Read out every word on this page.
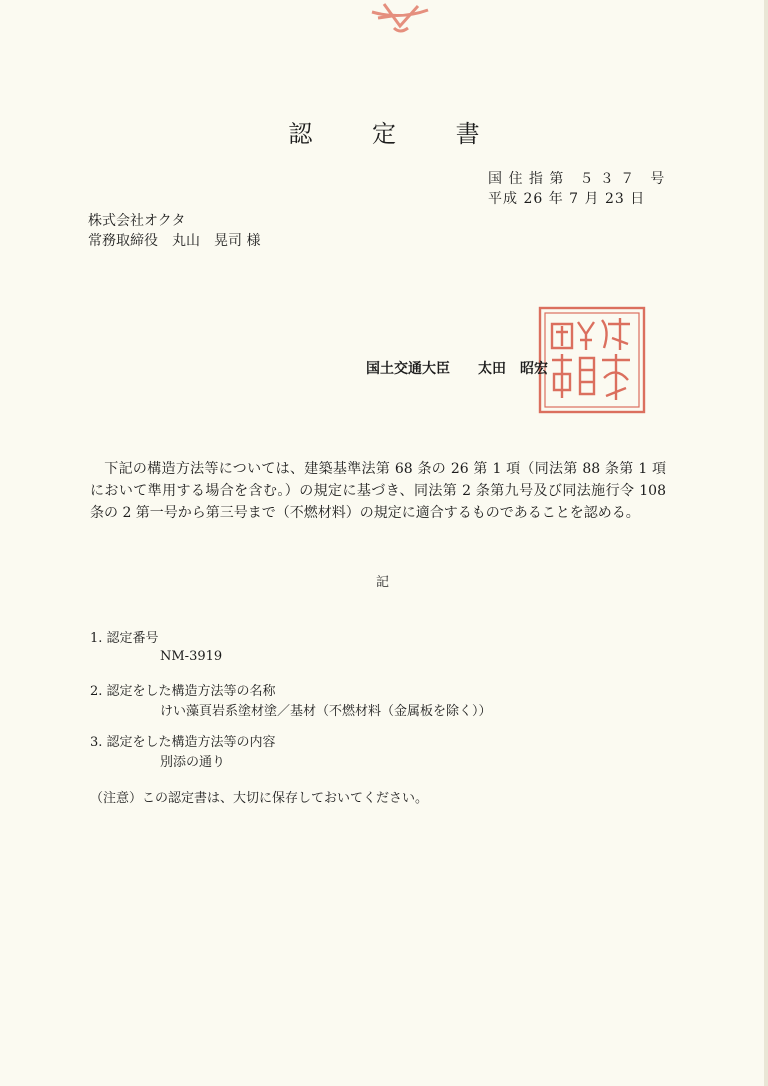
認 定 書
国 住 指 第　５ ３ ７　号
平成 26 年 7 月 23 日
株式会社オクタ
常務取締役　丸山　晃司 様
国土交通大臣　　太田　昭宏
　下記の構造方法等については、建築基準法第 68 条の 26 第 1 項（同法第 88 条第 1 項において準用する場合を含む。）の規定に基づき、同法第 2 条第九号及び同法施行令 108 条の 2 第一号から第三号まで（不燃材料）の規定に適合するものであることを認める。
記
1. 認定番号
NM-3919
2. 認定をした構造方法等の名称
けい藻頁岩系塗材塗／基材（不燃材料（金属板を除く））
3. 認定をした構造方法等の内容
別添の通り
（注意）この認定書は、大切に保存しておいてください。
